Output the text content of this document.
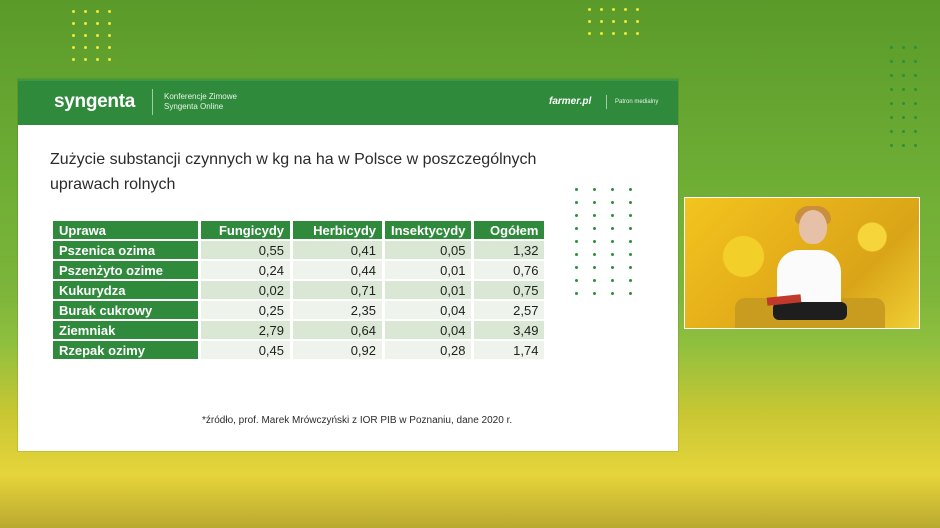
syngenta	Konferencje Zimowe
Syngenta Online	farmer.pl	Patron medialny
Zużycie substancji czynnych w kg na ha w Polsce w poszczególnych uprawach rolnych
Uprawa	Fungicydy	Herbicydy	Insektycydy	Ogółem
Pszenica ozima	0,55	0,41	0,05	1,32
Pszenżyto ozime	0,24	0,44	0,01	0,76
Kukurydza	0,02	0,71	0,01	0,75
Burak cukrowy	0,25	2,35	0,04	2,57
Ziemniak	2,79	0,64	0,04	3,49
Rzepak ozimy	0,45	0,92	0,28	1,74
*źródło, prof. Marek Mrówczyński z IOR PIB w Poznaniu, dane 2020 r.
